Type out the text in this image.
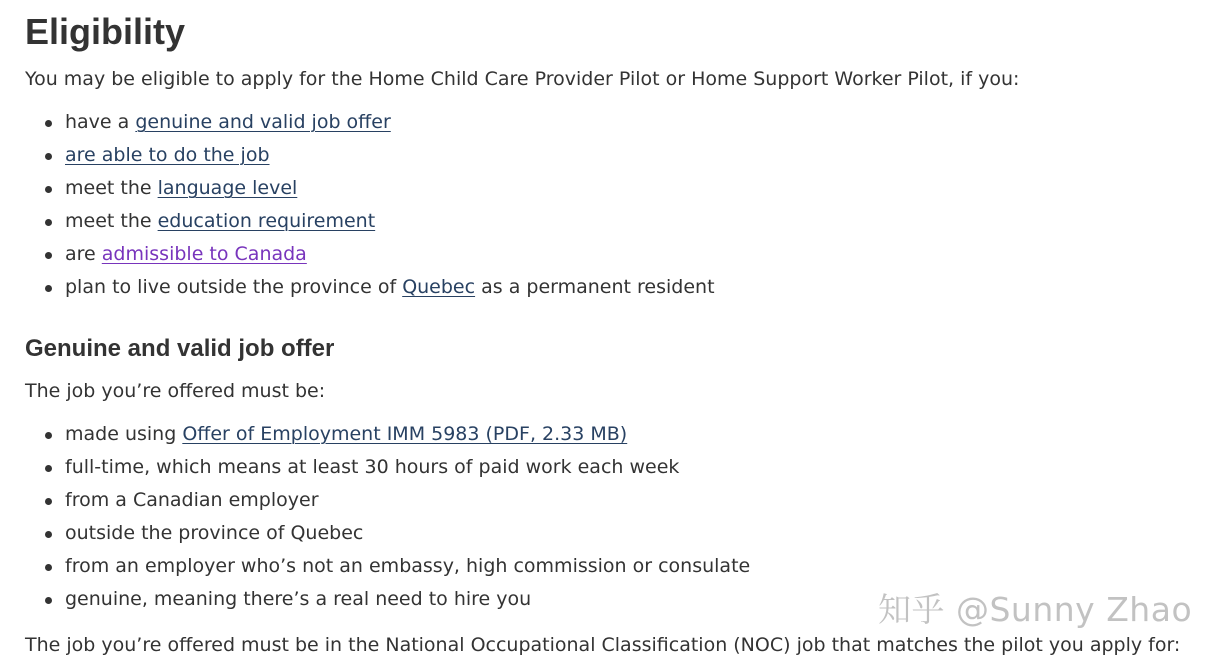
Eligibility

You may be eligible to apply for the Home Child Care Provider Pilot or Home Support Worker Pilot, if you:

have a genuine and valid job offer
are able to do the job
meet the language level
meet the education requirement
are admissible to Canada
plan to live outside the province of Quebec as a permanent resident
Genuine and valid job offer

The job you’re offered must be:

made using Offer of Employment IMM 5983 (PDF, 2.33 MB)
full-time, which means at least 30 hours of paid work each week
from a Canadian employer
outside the province of Quebec
from an employer who’s not an embassy, high commission or consulate
genuine, meaning there’s a real need to hire you

The job you’re offered must be in the National Occupational Classification (NOC) job that matches the pilot you apply for:

知乎 @Sunny Zhao
